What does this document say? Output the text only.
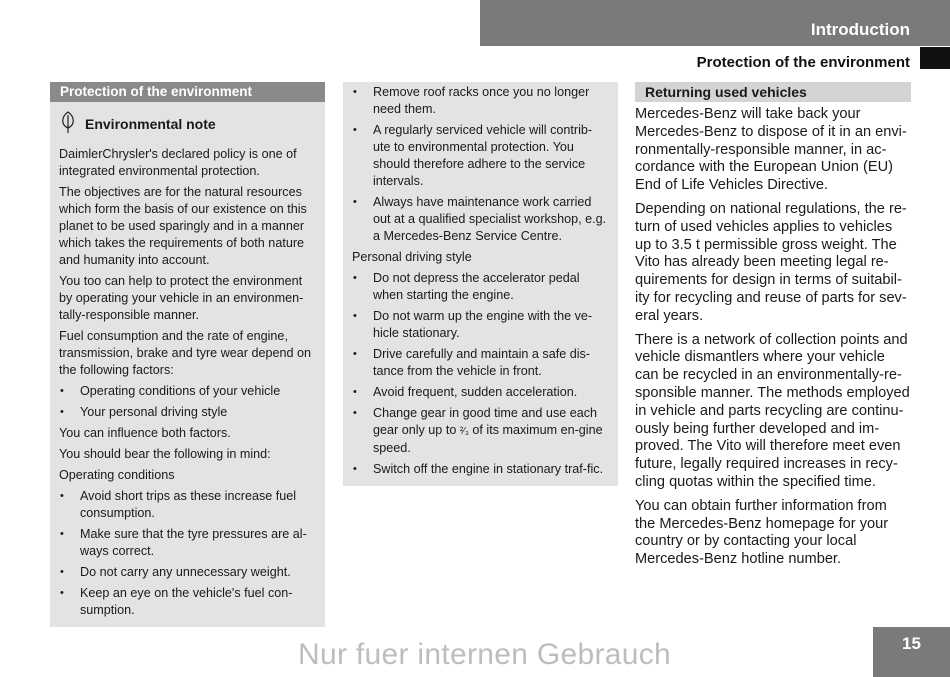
Introduction
Protection of the environment
Protection of the environment
Environmental note

DaimlerChrysler's declared policy is one of integrated environmental protection.

The objectives are for the natural resources which form the basis of our existence on this planet to be used sparingly and in a manner which takes the requirements of both nature and humanity into account.

You too can help to protect the environment by operating your vehicle in an environmen-tally-responsible manner.

Fuel consumption and the rate of engine, transmission, brake and tyre wear depend on the following factors:

• Operating conditions of your vehicle
• Your personal driving style

You can influence both factors.

You should bear the following in mind:

Operating conditions

• Avoid short trips as these increase fuel consumption.
• Make sure that the tyre pressures are al-ways correct.
• Do not carry any unnecessary weight.
• Keep an eye on the vehicle's fuel con-sumption.
• Remove roof racks once you no longer need them.
• A regularly serviced vehicle will contrib-ute to environmental protection. You should therefore adhere to the service intervals.
• Always have maintenance work carried out at a qualified specialist workshop, e.g. a Mercedes-Benz Service Centre.

Personal driving style

• Do not depress the accelerator pedal when starting the engine.
• Do not warm up the engine with the ve-hicle stationary.
• Drive carefully and maintain a safe dis-tance from the vehicle in front.
• Avoid frequent, sudden acceleration.
• Change gear in good time and use each gear only up to ²⁄₃ of its maximum en-gine speed.
• Switch off the engine in stationary traf-fic.
Returning used vehicles

Mercedes-Benz will take back your Mercedes-Benz to dispose of it in an envi-ronmentally-responsible manner, in ac-cordance with the European Union (EU) End of Life Vehicles Directive.

Depending on national regulations, the re-turn of used vehicles applies to vehicles up to 3.5 t permissible gross weight. The Vito has already been meeting legal re-quirements for design in terms of suitabil-ity for recycling and reuse of parts for sev-eral years.

There is a network of collection points and vehicle dismantlers where your vehicle can be recycled in an environmentally-re-sponsible manner. The methods employed in vehicle and parts recycling are continu-ously being further developed and im-proved. The Vito will therefore meet even future, legally required increases in recy-cling quotas within the specified time.

You can obtain further information from the Mercedes-Benz homepage for your country or by contacting your local Mercedes-Benz hotline number.

15
Nur fuer internen Gebrauch
